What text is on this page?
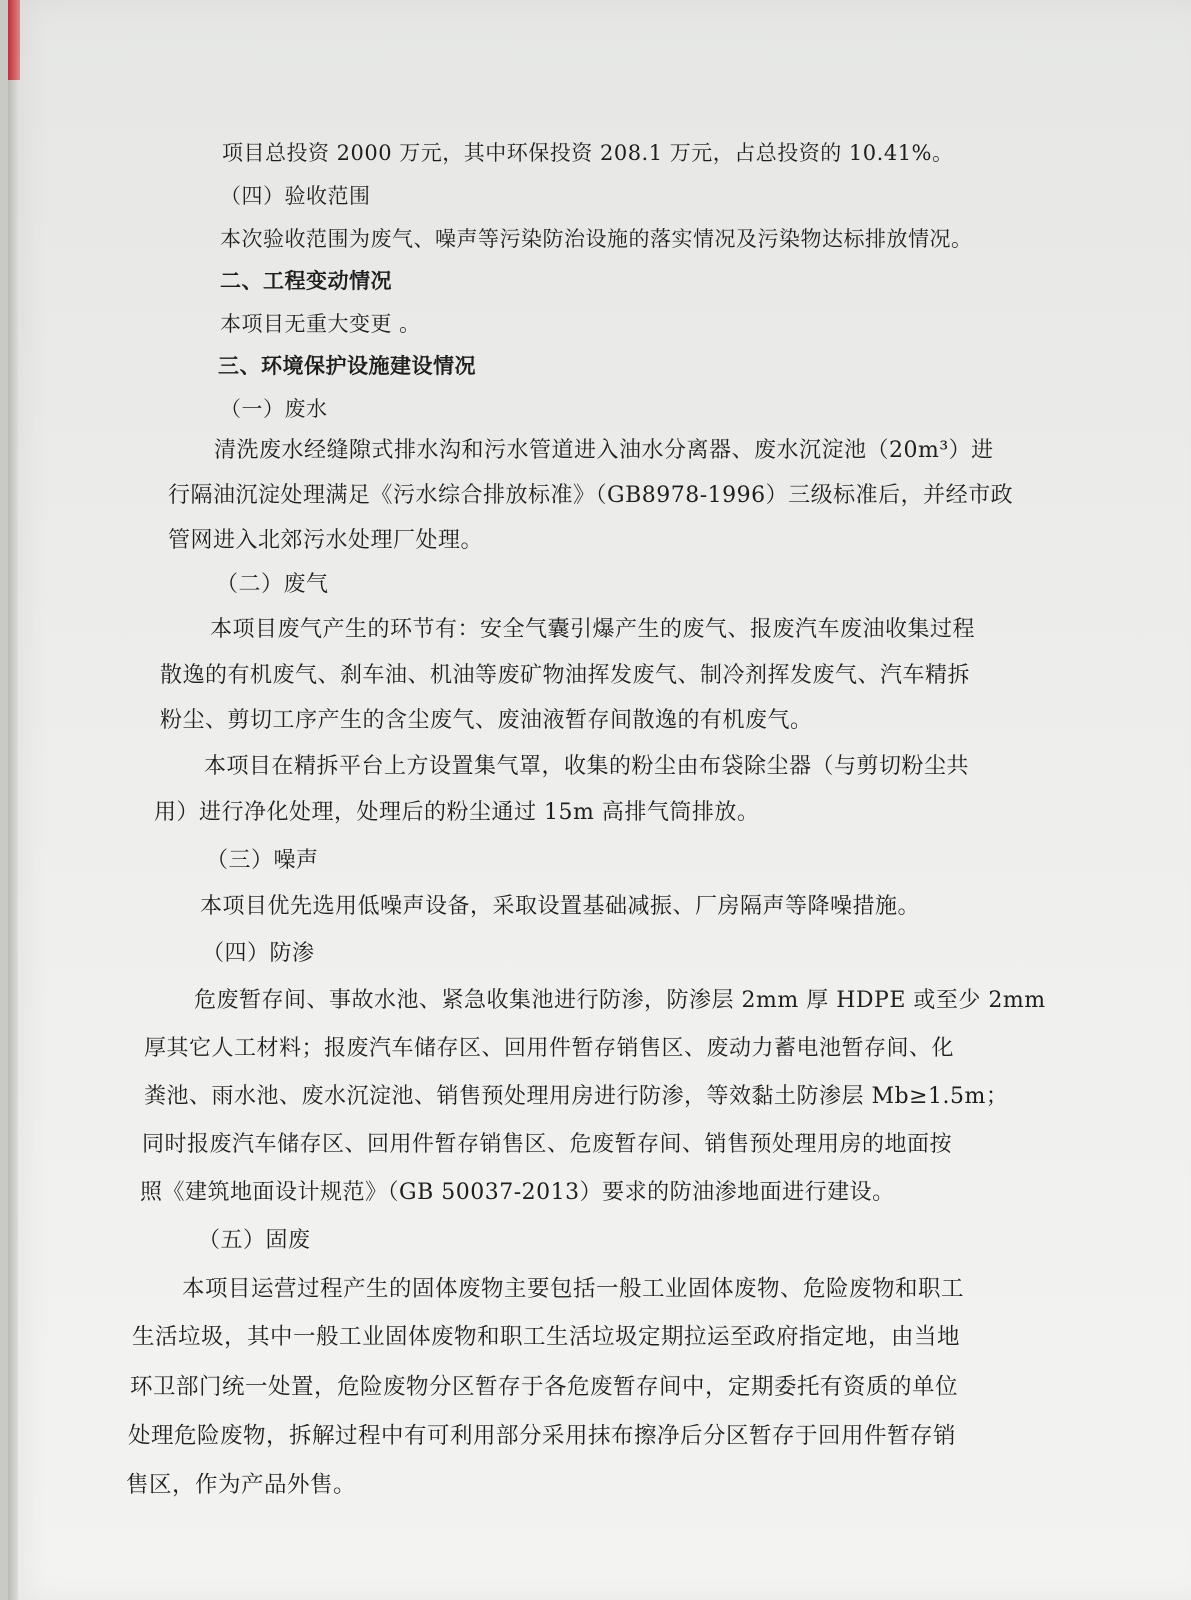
项目总投资 2000 万元，其中环保投资 208.1 万元，占总投资的 10.41%。
（四）验收范围
本次验收范围为废气、噪声等污染防治设施的落实情况及污染物达标排放情况。
二、工程变动情况
本项目无重大变更 。
三、环境保护设施建设情况
（一）废水
清洗废水经缝隙式排水沟和污水管道进入油水分离器、废水沉淀池（20m³）进
行隔油沉淀处理满足《污水综合排放标准》（GB8978-1996）三级标准后，并经市政
管网进入北郊污水处理厂处理。
（二）废气
本项目废气产生的环节有：安全气囊引爆产生的废气、报废汽车废油收集过程
散逸的有机废气、刹车油、机油等废矿物油挥发废气、制冷剂挥发废气、汽车精拆
粉尘、剪切工序产生的含尘废气、废油液暂存间散逸的有机废气。
本项目在精拆平台上方设置集气罩，收集的粉尘由布袋除尘器（与剪切粉尘共
用）进行净化处理，处理后的粉尘通过 15m 高排气筒排放。
（三）噪声
本项目优先选用低噪声设备，采取设置基础减振、厂房隔声等降噪措施。
（四）防渗
危废暂存间、事故水池、紧急收集池进行防渗，防渗层 2mm 厚 HDPE 或至少 2mm
厚其它人工材料；报废汽车储存区、回用件暂存销售区、废动力蓄电池暂存间、化
粪池、雨水池、废水沉淀池、销售预处理用房进行防渗，等效黏土防渗层 Mb≥1.5m；
同时报废汽车储存区、回用件暂存销售区、危废暂存间、销售预处理用房的地面按
照《建筑地面设计规范》（GB 50037-2013）要求的防油渗地面进行建设。
（五）固废
本项目运营过程产生的固体废物主要包括一般工业固体废物、危险废物和职工
生活垃圾，其中一般工业固体废物和职工生活垃圾定期拉运至政府指定地，由当地
环卫部门统一处置，危险废物分区暂存于各危废暂存间中，定期委托有资质的单位
处理危险废物，拆解过程中有可利用部分采用抹布擦净后分区暂存于回用件暂存销
售区，作为产品外售。
